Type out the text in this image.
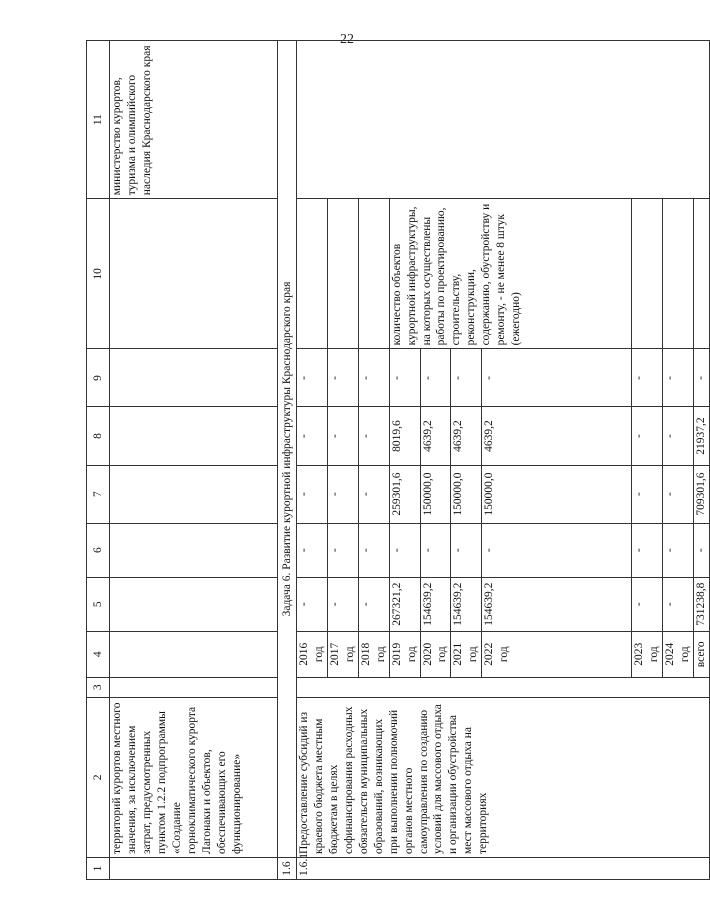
22
1	2	3	4	5	6	7	8	9	10	11
	территорий курортов местного значения, за исключением затрат, предусмотренных пунктом 1.2.2 подпрограммы «Создание горноклиматического курорта Лагонаки и объектов, обеспечивающих его функционирование»									министерство курортов, туризма и олимпийского наследия Краснодарского края
1.6	Задача 6. Развитие курортной инфраструктуры Краснодарского края									
1.6.1	Предоставление субсидий из краевого бюджета местным бюджетам в целях софинансирования расходных обязательств муниципальных образований, возникающих при выполнении полномочий органов местного самоуправления по созданию условий для массового отдыха и организации обустройства мест массового отдыха на территориях		2016 год	-	-	-	-	-		
			2017 год	-	-	-	-	-		
			2018 год	-	-	-	-	-		
			2019 год	267321,2	-	259301,6	8019,6	-	количество объектов курортной инфраструктуры, на которых осуществлены работы по проектированию, строительству, реконструкции, содержанию, обустройству и ремонту, - не менее 8 штук (ежегодно)	
			2020 год	154639,2	-	150000,0	4639,2	-		
			2021 год	154639,2	-	150000,0	4639,2	-		
			2022 год	154639,2	-	150000,0	4639,2	-		
			2023 год	-	-	-	-	-		
			2024 год	-	-	-	-	-		
			всего	731238,8	-	709301,6	21937,2	-		
